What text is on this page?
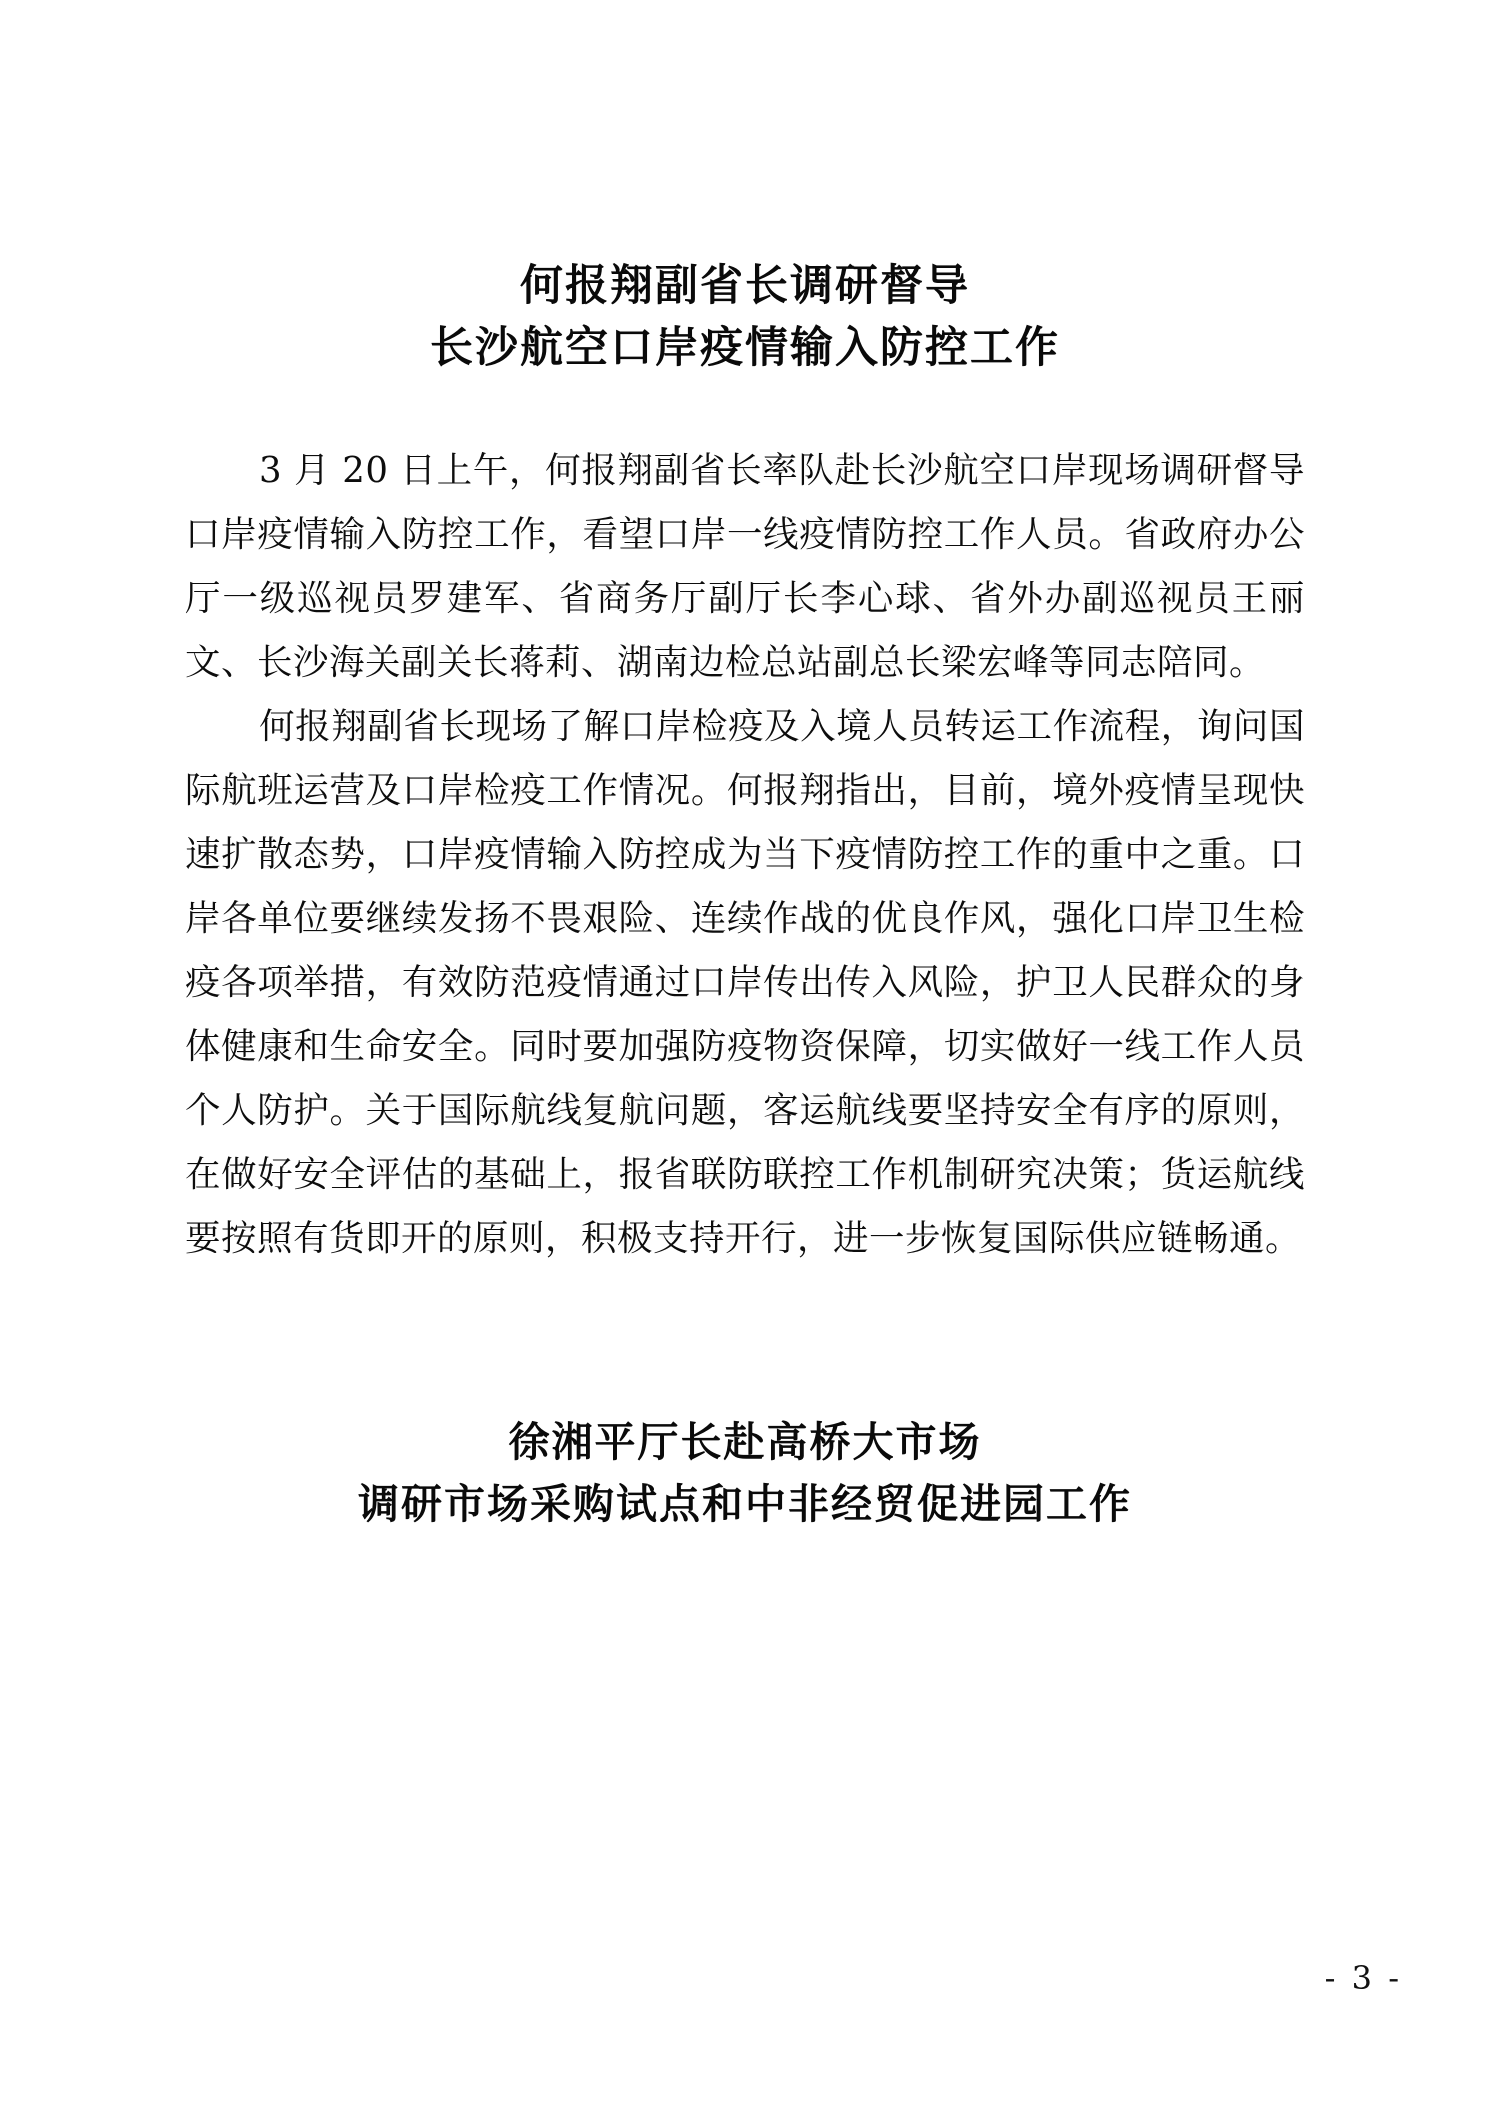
何报翔副省长调研督导
长沙航空口岸疫情输入防控工作

3 月 20 日上午，何报翔副省长率队赴长沙航空口岸现场调研督导口岸疫情输入防控工作，看望口岸一线疫情防控工作人员。省政府办公厅一级巡视员罗建军、省商务厅副厅长李心球、省外办副巡视员王丽文、长沙海关副关长蒋莉、湖南边检总站副总长梁宏峰等同志陪同。

何报翔副省长现场了解口岸检疫及入境人员转运工作流程，询问国际航班运营及口岸检疫工作情况。何报翔指出，目前，境外疫情呈现快速扩散态势，口岸疫情输入防控成为当下疫情防控工作的重中之重。口岸各单位要继续发扬不畏艰险、连续作战的优良作风，强化口岸卫生检疫各项举措，有效防范疫情通过口岸传出传入风险，护卫人民群众的身体健康和生命安全。同时要加强防疫物资保障，切实做好一线工作人员个人防护。关于国际航线复航问题，客运航线要坚持安全有序的原则，在做好安全评估的基础上，报省联防联控工作机制研究决策；货运航线要按照有货即开的原则，积极支持开行，进一步恢复国际供应链畅通。

徐湘平厅长赴高桥大市场
调研市场采购试点和中非经贸促进园工作
- 3 -
